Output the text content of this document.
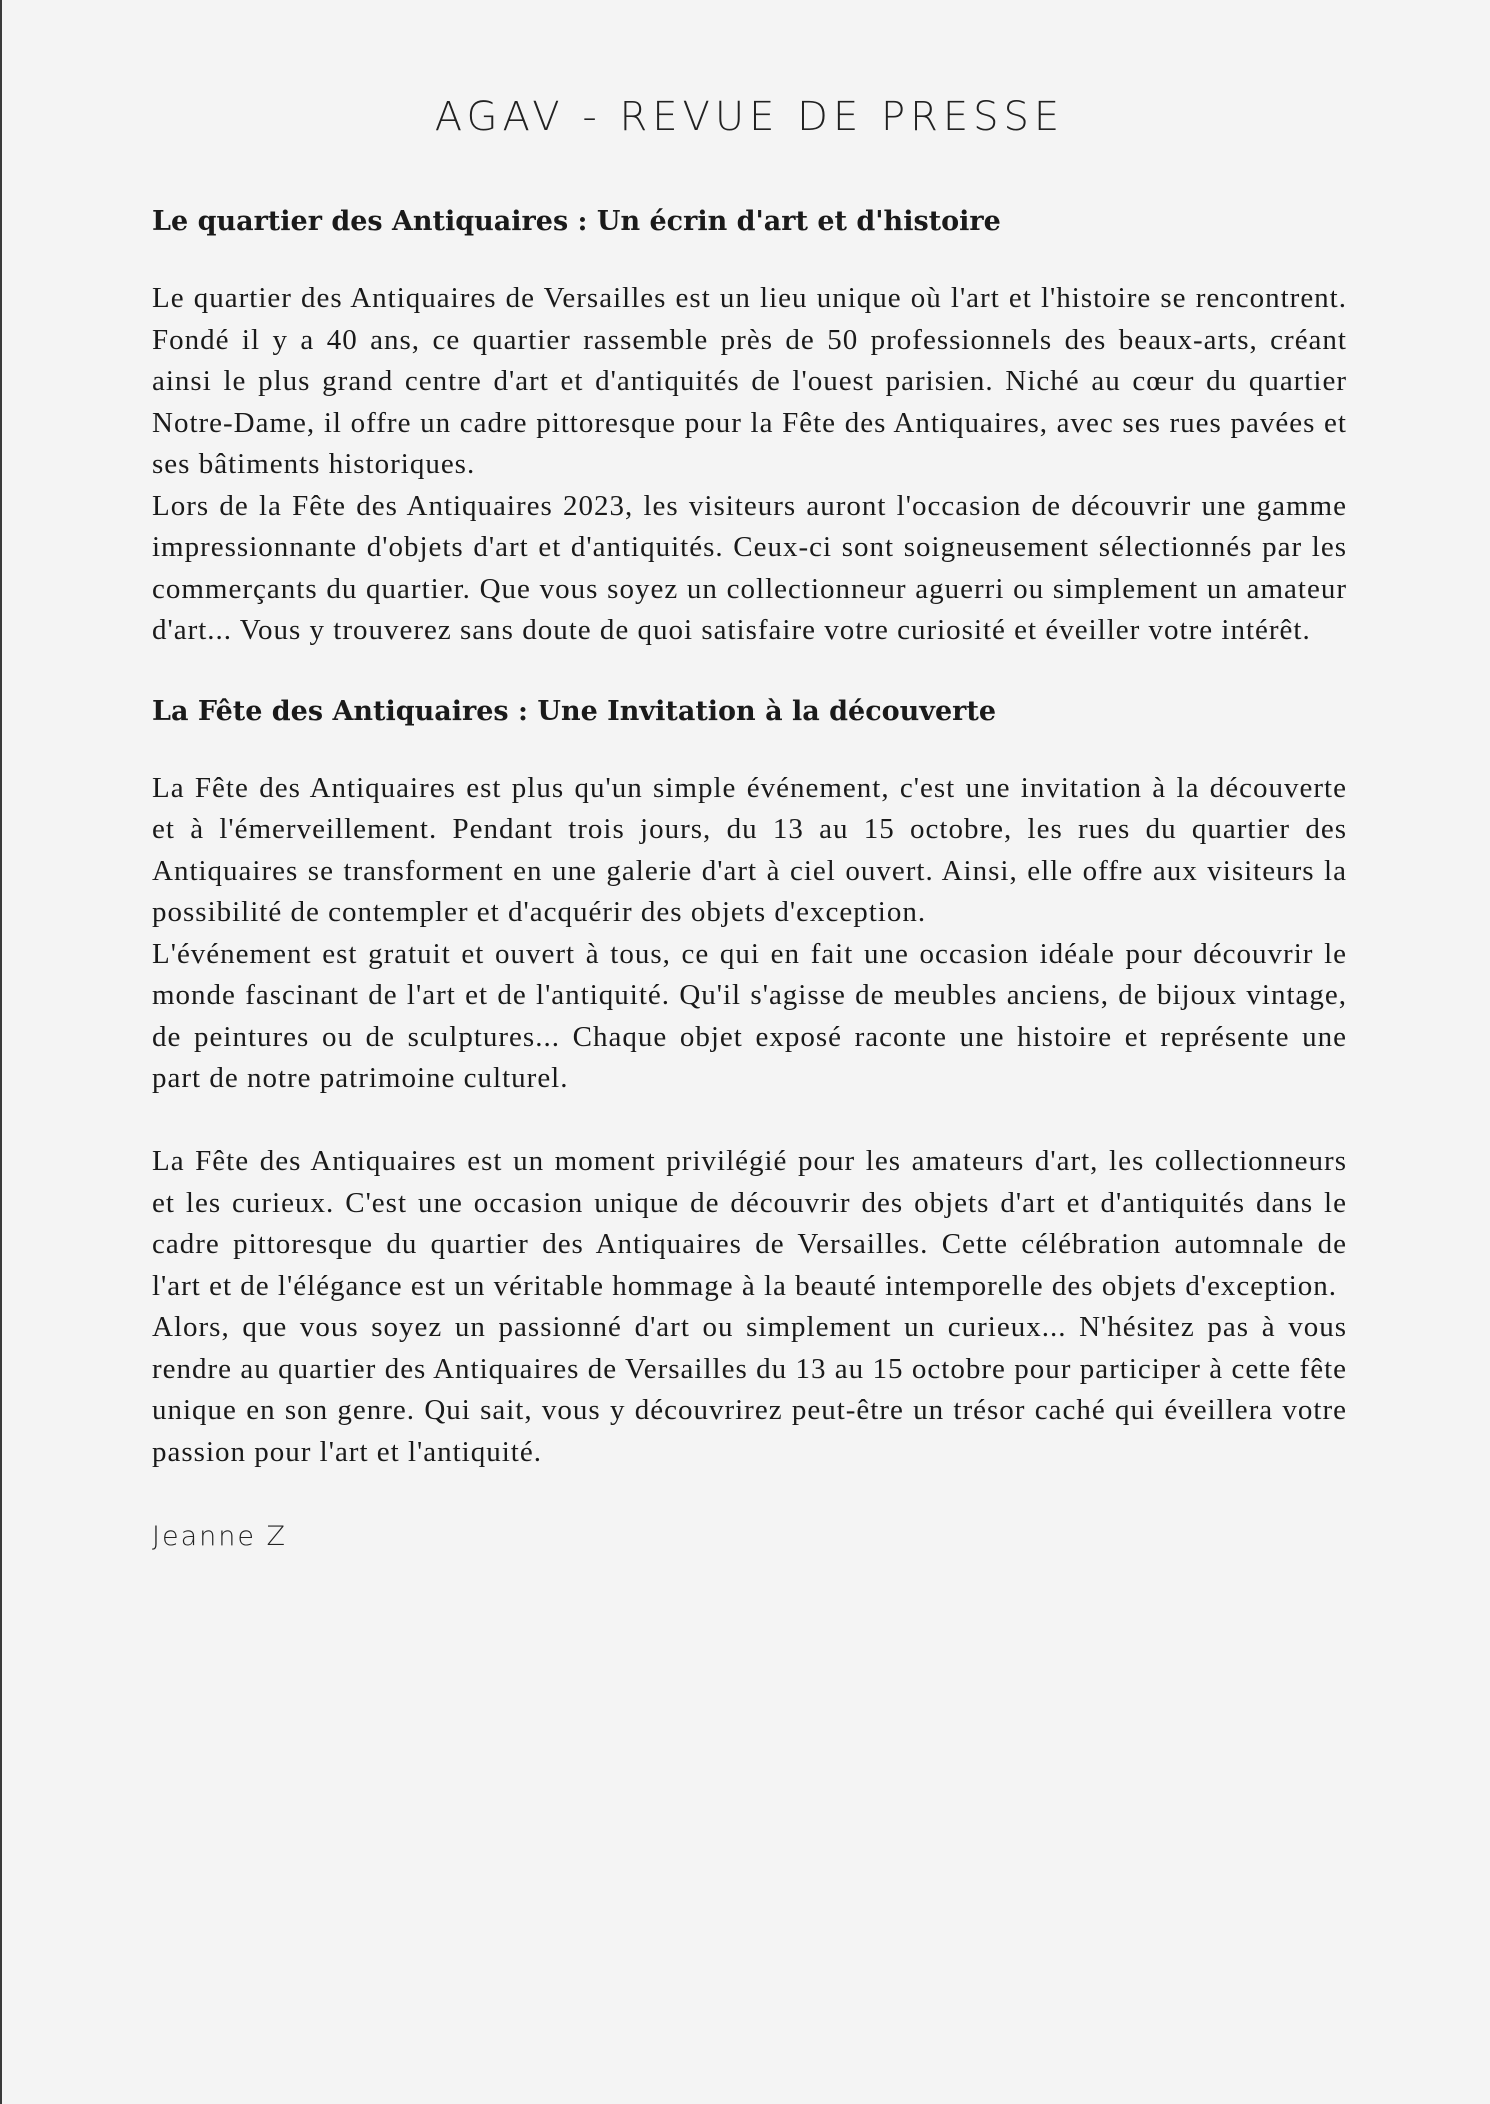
AGAV - REVUE DE PRESSE
Le quartier des Antiquaires : Un écrin d'art et d'histoire

Le quartier des Antiquaires de Versailles est un lieu unique où l'art et l'histoire se rencontrent. Fondé il y a 40 ans, ce quartier rassemble près de 50 professionnels des beaux-arts, créant ainsi le plus grand centre d'art et d'antiquités de l'ouest parisien. Niché au cœur du quartier Notre-Dame, il offre un cadre pittoresque pour la Fête des Antiquaires, avec ses rues pavées et ses bâtiments historiques.

Lors de la Fête des Antiquaires 2023, les visiteurs auront l'occasion de découvrir une gamme impressionnante d'objets d'art et d'antiquités. Ceux-ci sont soigneusement sélectionnés par les commerçants du quartier. Que vous soyez un collectionneur aguerri ou simplement un amateur d'art... Vous y trouverez sans doute de quoi satisfaire votre curiosité et éveiller votre intérêt.

La Fête des Antiquaires : Une Invitation à la découverte

La Fête des Antiquaires est plus qu'un simple événement, c'est une invitation à la découverte et à l'émerveillement. Pendant trois jours, du 13 au 15 octobre, les rues du quartier des Antiquaires se transforment en une galerie d'art à ciel ouvert. Ainsi, elle offre aux visiteurs la possibilité de contempler et d'acquérir des objets d'exception.

L'événement est gratuit et ouvert à tous, ce qui en fait une occasion idéale pour découvrir le monde fascinant de l'art et de l'antiquité. Qu'il s'agisse de meubles anciens, de bijoux vintage, de peintures ou de sculptures... Chaque objet exposé raconte une histoire et représente une part de notre patrimoine culturel.

La Fête des Antiquaires est un moment privilégié pour les amateurs d'art, les collectionneurs et les curieux. C'est une occasion unique de découvrir des objets d'art et d'antiquités dans le cadre pittoresque du quartier des Antiquaires de Versailles. Cette célébration automnale de l'art et de l'élégance est un véritable hommage à la beauté intemporelle des objets d'exception.

Alors, que vous soyez un passionné d'art ou simplement un curieux... N'hésitez pas à vous rendre au quartier des Antiquaires de Versailles du 13 au 15 octobre pour participer à cette fête unique en son genre. Qui sait, vous y découvrirez peut-être un trésor caché qui éveillera votre passion pour l'art et l'antiquité.

Jeanne Z
